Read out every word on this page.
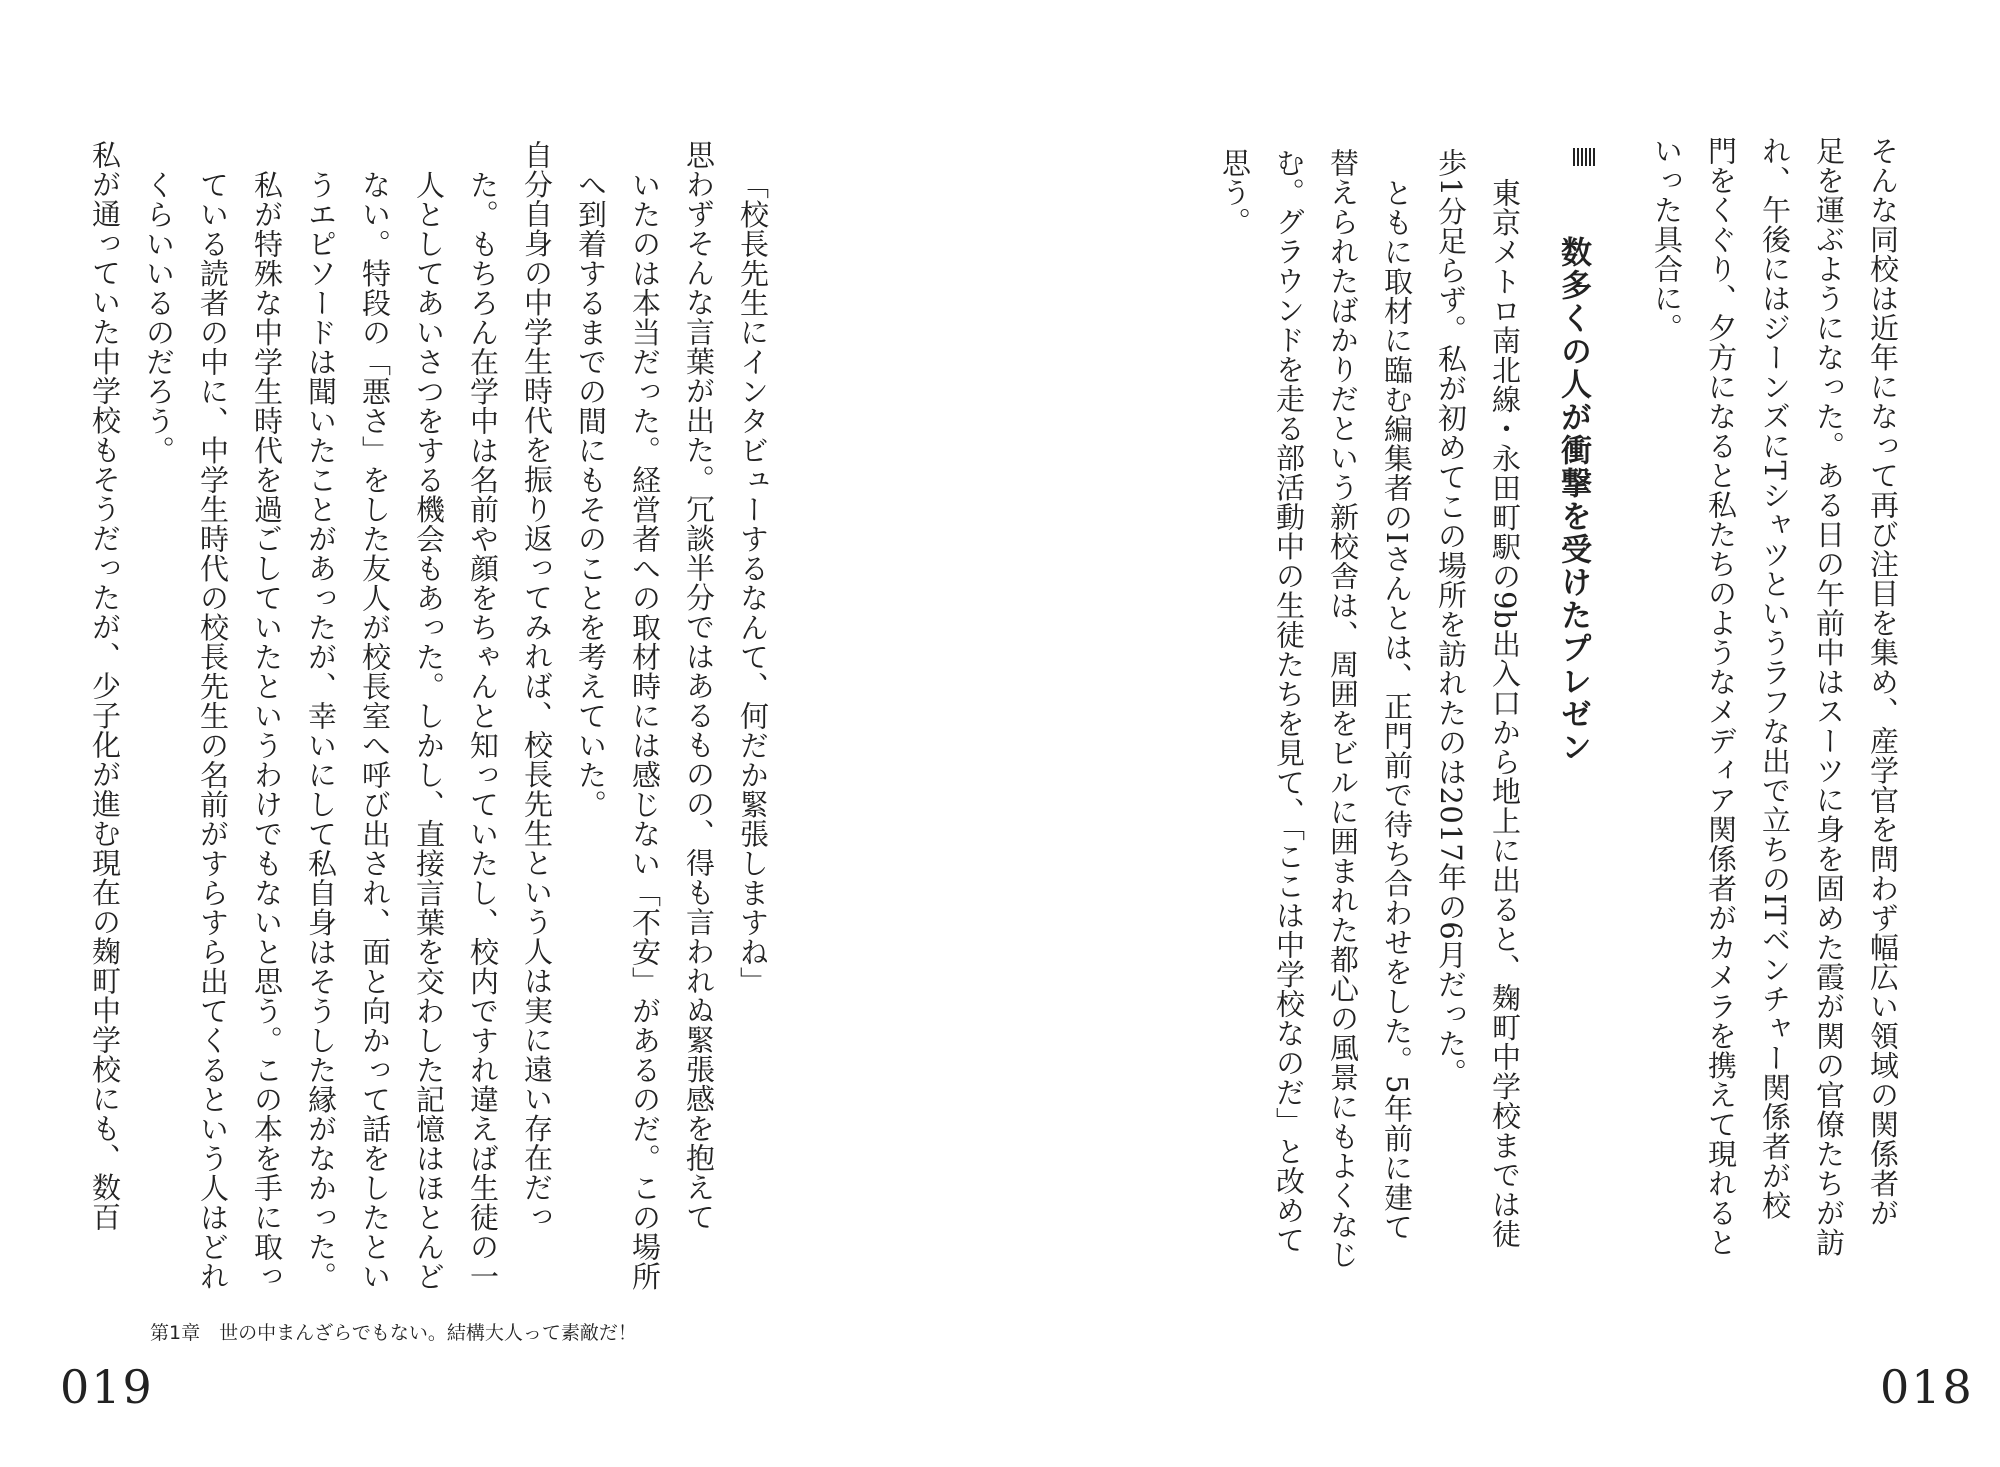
そんな同校は近年になって再び注目を集め、産学官を問わず幅広い領域の関係者が

足を運ぶようになった。ある日の午前中はスーツに身を固めた霞が関の官僚たちが訪

れ、午後にはジーンズにTシャツというラフな出で立ちのITベンチャー関係者が校

門をくぐり、夕方になると私たちのようなメディア関係者がカメラを携えて現れると

いった具合に。

数多くの人が衝撃を受けたプレゼン

東京メトロ南北線・永田町駅の9b出入口から地上に出ると、麹町中学校までは徒

歩1分足らず。私が初めてこの場所を訪れたのは2017年の6月だった。

ともに取材に臨む編集者のIさんとは、正門前で待ち合わせをした。5年前に建て

替えられたばかりだという新校舎は、周囲をビルに囲まれた都心の風景にもよくなじ

む。グラウンドを走る部活動中の生徒たちを見て、「ここは中学校なのだ」と改めて

思う。

「校長先生にインタビューするなんて、何だか緊張しますね」

思わずそんな言葉が出た。冗談半分ではあるものの、得も言われぬ緊張感を抱えて

いたのは本当だった。経営者への取材時には感じない「不安」があるのだ。この場所

へ到着するまでの間にもそのことを考えていた。

自分自身の中学生時代を振り返ってみれば、校長先生という人は実に遠い存在だっ

た。もちろん在学中は名前や顔をちゃんと知っていたし、校内ですれ違えば生徒の一

人としてあいさつをする機会もあった。しかし、直接言葉を交わした記憶はほとんど

ない。特段の「悪さ」をした友人が校長室へ呼び出され、面と向かって話をしたとい

うエピソードは聞いたことがあったが、幸いにして私自身はそうした縁がなかった。

私が特殊な中学生時代を過ごしていたというわけでもないと思う。この本を手に取っ

ている読者の中に、中学生時代の校長先生の名前がすらすら出てくるという人はどれ

くらいいるのだろう。

私が通っていた中学校もそうだったが、少子化が進む現在の麹町中学校にも、数百

第1章　世の中まんざらでもない。結構大人って素敵だ！
019	018
